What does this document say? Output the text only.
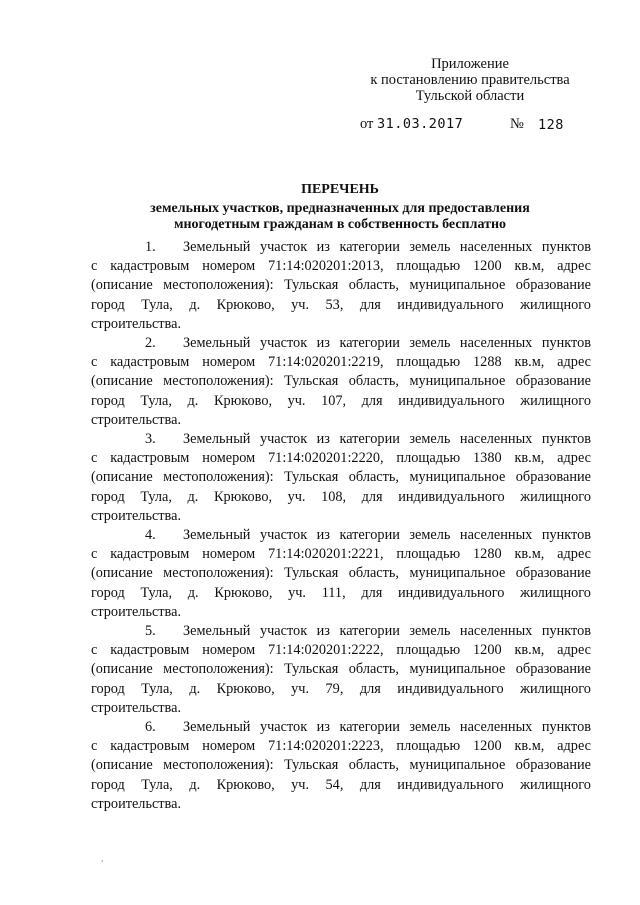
Приложение
к постановлению правительства
Тульской области
от 31.03.2017	№ 128
ПЕРЕЧЕНЬ
земельных участков, предназначенных для предоставления
многодетным гражданам в собственность бесплатно
1.	Земельный участок из категории земель населенных пунктов
с кадастровым номером 71:14:020201:2013, площадью 1200 кв.м, адрес
(описание местоположения): Тульская область, муниципальное образование
город Тула, д. Крюково, уч. 53, для индивидуального жилищного
строительства.
2.	Земельный участок из категории земель населенных пунктов
с кадастровым номером 71:14:020201:2219, площадью 1288 кв.м, адрес
(описание местоположения): Тульская область, муниципальное образование
город Тула, д. Крюково, уч. 107, для индивидуального жилищного
строительства.
3.	Земельный участок из категории земель населенных пунктов
с кадастровым номером 71:14:020201:2220, площадью 1380 кв.м, адрес
(описание местоположения): Тульская область, муниципальное образование
город Тула, д. Крюково, уч. 108, для индивидуального жилищного
строительства.
4.	Земельный участок из категории земель населенных пунктов
с кадастровым номером 71:14:020201:2221, площадью 1280 кв.м, адрес
(описание местоположения): Тульская область, муниципальное образование
город Тула, д. Крюково, уч. 111, для индивидуального жилищного
строительства.
5.	Земельный участок из категории земель населенных пунктов
с кадастровым номером 71:14:020201:2222, площадью 1200 кв.м, адрес
(описание местоположения): Тульская область, муниципальное образование
город Тула, д. Крюково, уч. 79, для индивидуального жилищного
строительства.
6.	Земельный участок из категории земель населенных пунктов
с кадастровым номером 71:14:020201:2223, площадью 1200 кв.м, адрес
(описание местоположения): Тульская область, муниципальное образование
город Тула, д. Крюково, уч. 54, для индивидуального жилищного
строительства.
,
